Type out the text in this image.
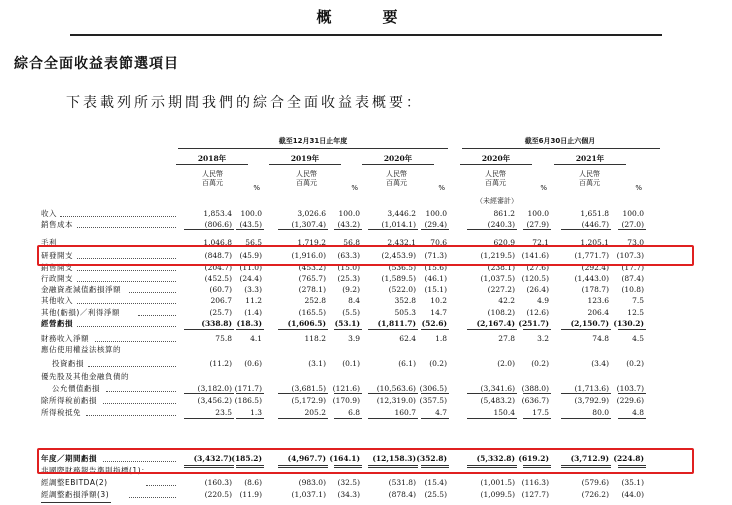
概　要
綜合全面收益表節選項目
下表載列所示期間我們的綜合全面收益表概要：
截至12月31日止年度	截至6月30日止六個月
2018年
人民幣
百萬元
%
2019年
人民幣
百萬元
%
2020年
人民幣
百萬元
%
2020年
人民幣
百萬元
%
2021年
人民幣
百萬元
%
（未經審計）
收入	1,853.4	100.0	3,026.6	100.0	3,446.2	100.0	861.2	100.0	1,651.8	100.0
銷售成本	(806.6) (43.5)	(1,307.4)	(43.2)	(1,014.1)	(29.4)	(240.3)	(27.9)	(446.7)	(27.0)
毛利	1,046.8	56.5	1,719.2	56.8	2,432.1	70.6	620.9	72.1	1,205.1	73.0
研發開支	(848.7) (45.9)	(1,916.0)	(63.3)	(2,453.9)	(71.3)	(1,219.5) (141.6)	(1,771.7)	(107.3)
銷售開支	(204.7) (11.0)	(453.2)	(15.0)	(536.5)	(15.6)	(238.1)	(27.6)	(292.4)	(17.7)
行政開支	(452.5) (24.4)	(765.7)	(25.3)	(1,589.5)	(46.1)	(1,037.5) (120.5)	(1,443.0)	(87.4)
金融資產減值虧損淨額	(60.7)	(3.3)	(278.1)	(9.2)	(522.0)	(15.1)	(227.2)	(26.4)	(178.7)	(10.8)
其他收入	206.7	11.2	252.8	8.4	352.8	10.2	42.2	4.9	123.6	7.5
其他(虧損)／利得淨額	(25.7)	(1.4)	(165.5)	(5.5)	505.3	14.7	(108.2)	(12.6)	206.4	12.5
經營虧損	(338.8) (18.3)	(1,606.5)	(53.1)	(1,811.7) (52.6)	(2,167.4) (251.7)	(2,150.7) (130.2)
財務收入淨額	75.8	4.1	118.2	3.9	62.4	1.8	27.8	3.2	74.8	4.5
應佔使用權益法核算的
投資虧損	(11.2)	(0.6)	(3.1)	(0.1)	(6.1)	(0.2)	(2.0)	(0.2)	(3.4)	(0.2)
優先股及其他金融負債的
公允價值虧損	(3,182.0) (171.7)	(3,681.5) (121.6)	(10,563.6) (306.5)	(3,341.6) (388.0)	(1,713.6)	(103.7)
除所得稅前虧損	(3,456.2) (186.5)	(5,172.9) (170.9)	(12,319.0) (357.5)	(5,483.2) (636.7)	(3,792.9)	(229.6)
所得稅抵免	23.5	1.3	205.2	6.8	160.7	4.7	150.4	17.5	80.0	4.8
年度／期間虧損	(3,432.7) (185.2)	(4,967.7) (164.1)	(12,158.3) (352.8)	(5,332.8) (619.2)	(3,712.9) (224.8)
非國際財務報告準則指標(1)：
經調整EBITDA(2)	(160.3)	(8.6)	(983.0)	(32.5)	(531.8)	(15.4)	(1,001.5) (116.3)	(579.6)	(35.1)
經調整虧損淨額(3)	(220.5) (11.9)	(1,037.1)	(34.3)	(878.4)	(25.5)	(1,099.5) (127.7)	(726.2)	(44.0)
